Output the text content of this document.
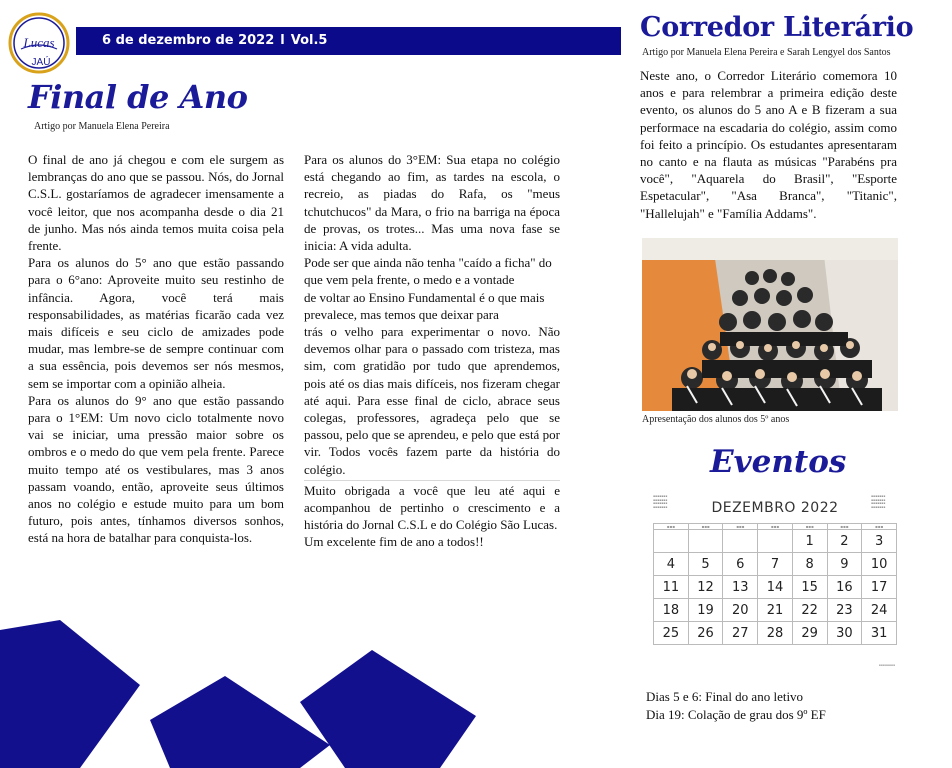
Lucas
JAÚ
6 de dezembro de 2022 l Vol.5
Final de Ano
Artigo por Manuela Elena Pereira

O final de ano já chegou e com ele surgem as lembranças do ano que se passou. Nós, do Jornal C.S.L. gostaríamos de agradecer imensamente a você leitor, que nos acompanha desde o dia 21 de junho. Mas nós ainda temos muita coisa pela frente.

Para os alunos do 5° ano que estão passando para o 6°ano: Aproveite muito seu restinho de infância. Agora, você terá mais responsabilidades, as matérias ficarão cada vez mais difíceis e seu ciclo de amizades pode mudar, mas lembre-se de sempre continuar com a sua essência, pois devemos ser nós mesmos, sem se importar com a opinião alheia.

Para os alunos do 9° ano que estão passando para o 1°EM: Um novo ciclo totalmente novo vai se iniciar, uma pressão maior sobre os ombros e o medo do que vem pela frente. Parece muito tempo até os vestibulares, mas 3 anos passam voando, então, aproveite seus últimos anos no colégio e estude muito para um bom futuro, pois antes, tínhamos diversos sonhos, está na hora de batalhar para conquista-los.

Para os alunos do 3°EM: Sua etapa no colégio está chegando ao fim, as tardes na escola, o recreio, as piadas do Rafa, os "meus tchutchucos" da Mara, o frio na barriga na época de provas, os trotes... Mas uma nova fase se inicia: A vida adulta.

Pode ser que ainda não tenha "caído a ficha" do que vem pela frente, o medo e a vontade

de voltar ao Ensino Fundamental é o que mais prevalece, mas temos que deixar para

trás o velho para experimentar o novo. Não devemos olhar para o passado com tristeza, mas sim, com gratidão por tudo que aprendemos, pois até os dias mais difíceis, nos fizeram chegar até aqui. Para esse final de ciclo, abrace seus colegas, professores, agradeça pelo que se passou, pelo que se aprendeu, e pelo que está por vir. Todos vocês fazem parte da história do colégio.

Muito obrigada a você que leu até aqui e acompanhou de pertinho o crescimento e a história do Jornal C.S.L e do Colégio São Lucas.

Um excelente fim de ano a todos!!

Corredor Literário
Artigo por Manuela Elena Pereira e Sarah Lengyel dos Santos

Neste ano, o Corredor Literário comemora 10 anos e para relembrar a primeira edição deste evento, os alunos do 5 ano A e B fizeram a sua performace na escadaria do colégio, assim como foi feito a princípio. Os estudantes apresentaram no canto e na flauta as músicas "Parabéns pra você", "Aquarela do Brasil", "Esporte Espetacular", "Asa Branca", "Titanic", "Hallelujah" e "Família Addams".

Apresentação dos alunos dos 5º anos
Eventos
▪▪▪▪▪▪▪
▪▪▪▪▪▪▪
▪▪▪▪▪▪▪
▪▪▪▪▪▪▪
▪▪▪▪▪▪▪
▪▪▪▪▪▪▪
▪▪▪▪▪▪▪
▪▪▪▪▪▪▪
DEZEMBRO 2022
▪▪▪	▪▪▪	▪▪▪	▪▪▪	▪▪▪	▪▪▪	▪▪▪
				1	2	3
4	5	6	7	8	9	10
11	12	13	14	15	16	17
18	19	20	21	22	23	24
25	26	27	28	29	30	31
▪▪▪▪▪▪▪▪
Dias 5 e 6: Final do ano letivo
Dia 19: Colação de grau dos 9º EF
